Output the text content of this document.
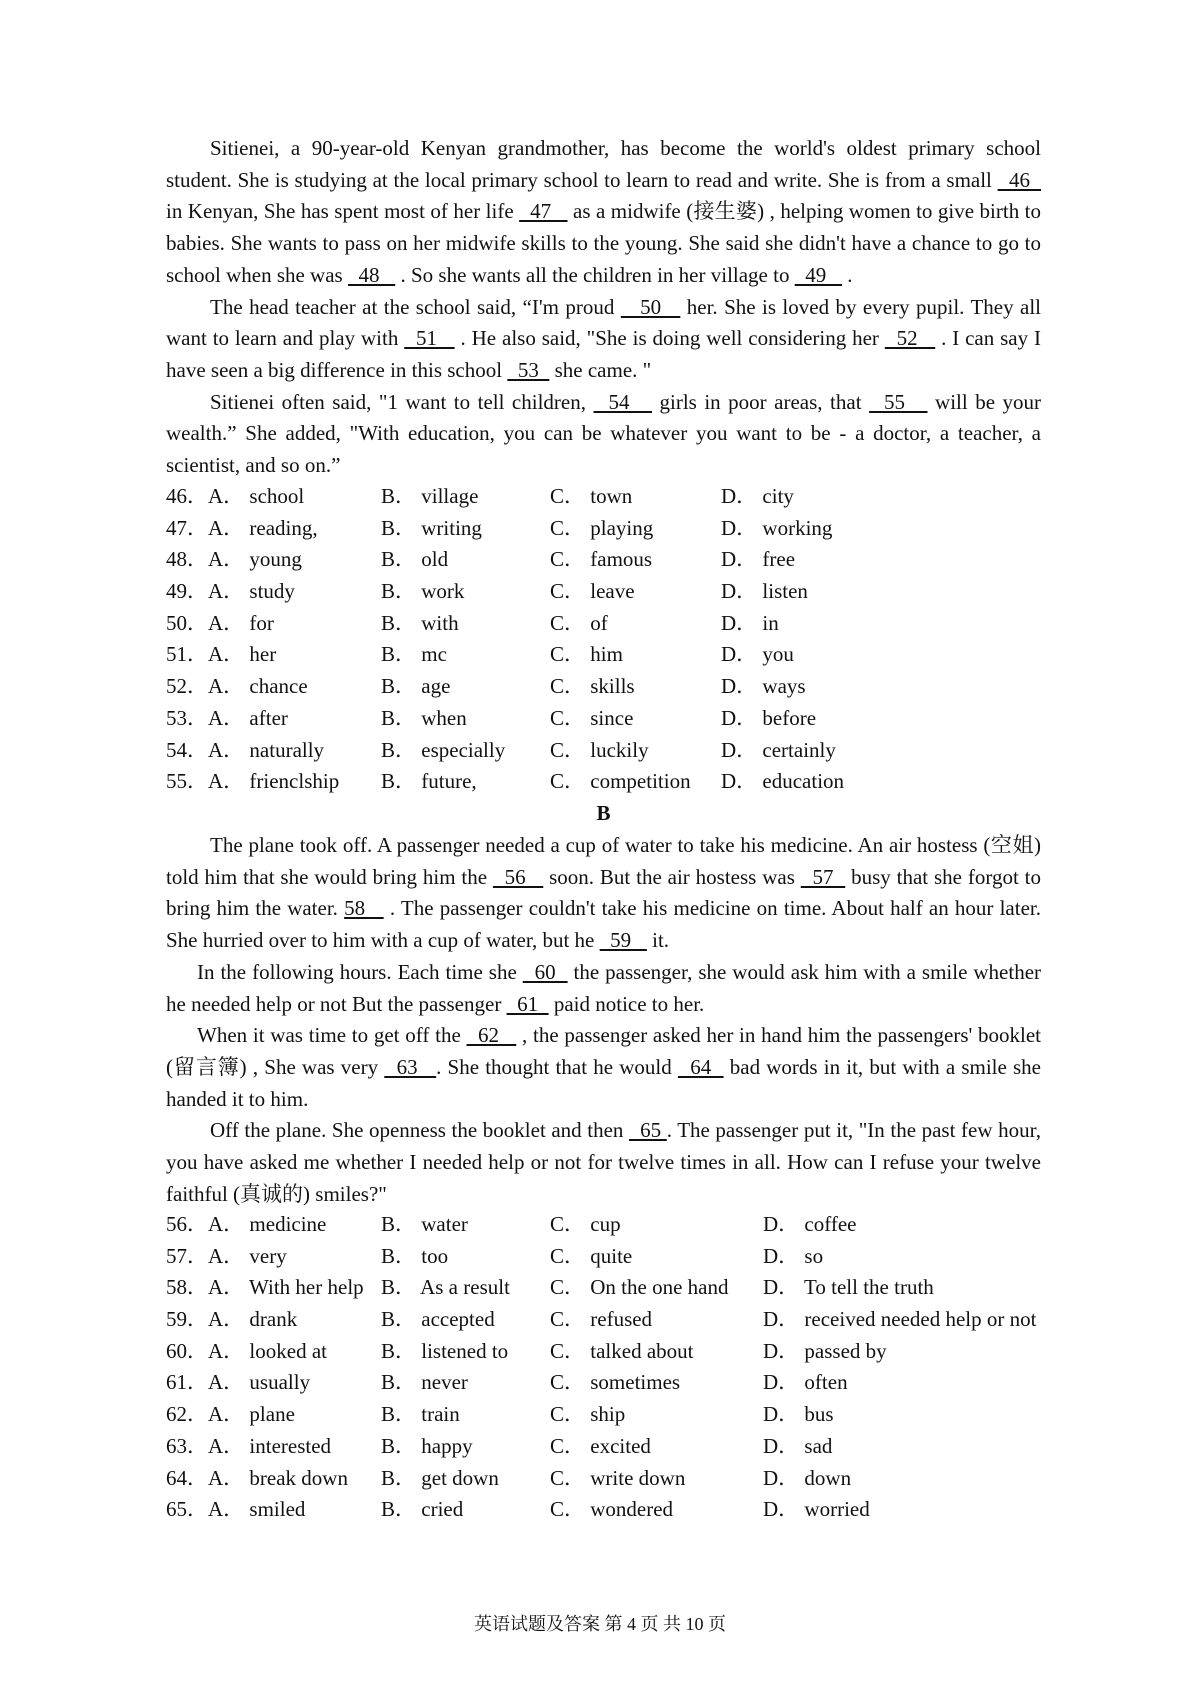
Sitienei, a 90-year-old Kenyan grandmother, has become the world's oldest primary school student. She is studying at the local primary school to learn to read and write. She is from a small   46   in Kenyan, She has spent most of her life   47    as a midwife (接生婆) , helping women to give birth to babies. She wants to pass on her midwife skills to the young. She said she didn't have a chance to go to school when she was   48    . So she wants all the children in her village to   49    .

The head teacher at the school said, “I'm proud    50    her. She is loved by every pupil. They all want to learn and play with   51    . He also said, "She is doing well considering her   52    . I can say I have seen a big difference in this school   53   she came. "

Sitienei often said, "1 want to tell children,   54    girls in poor areas, that   55    will be your wealth.” She added, "With education, you can be whatever you want to be - a doctor, a teacher, a scientist, and so on.”

46． A． school	B． village	C． town	D． city
47． A． reading,	B． writing	C． playing	D． working
48． A． young	B． old	C． famous	D． free
49． A． study	B． work	C． leave	D． listen
50． A． for	B． with	C． of	D． in
51． A． her	B． mc	C． him	D． you
52． A． chance	B． age	C． skills	D． ways
53． A． after	B． when	C． since	D． before
54． A． naturally	B． especially C． luckily	D． certainly
55． A． frienclship B． future,	C． competition D． education
B

The plane took off. A passenger needed a cup of water to take his medicine. An air hostess (空姐) told him that she would bring him the   56    soon. But the air hostess was   57   busy that she forgot to bring him the water. 58    . The passenger couldn't take his medicine on time. About half an hour later. She hurried over to him with a cup of water, but he   59    it.

In the following hours. Each time she   60   the passenger, she would ask him with a smile whether he needed help or not But the passenger   61   paid notice to her.

When it was time to get off the   62    , the passenger asked her in hand him the passengers' booklet (留言簿) , She was very   63   . She thought that he would   64   bad words in it, but with a smile she handed it to him.

Off the plane. She openness the booklet and then   65 . The passenger put it, "In the past few hour, you have asked me whether I needed help or not for twelve times in all. How can I refuse your twelve faithful (真诚的) smiles?"

56． A． medicine	B． water	C． cup	D． coffee
57． A． very	B． too	C． quite	D． so
58． A． With her help B． As a result C． On the one hand D． To tell the truth
59． A． drank	B． accepted	C． refused	D． received needed help or not
60． A． looked at	B． listened to C． talked about	D． passed by
61． A． usually	B． never	C． sometimes	D． often
62． A． plane	B． train	C． ship	D． bus
63． A． interested B． happy	C． excited	D． sad
64． A． break down B． get down C． write down	D． down
65． A． smiled	B． cried	C． wondered	D． worried
英语试题及答案 第 4 页 共 10 页
